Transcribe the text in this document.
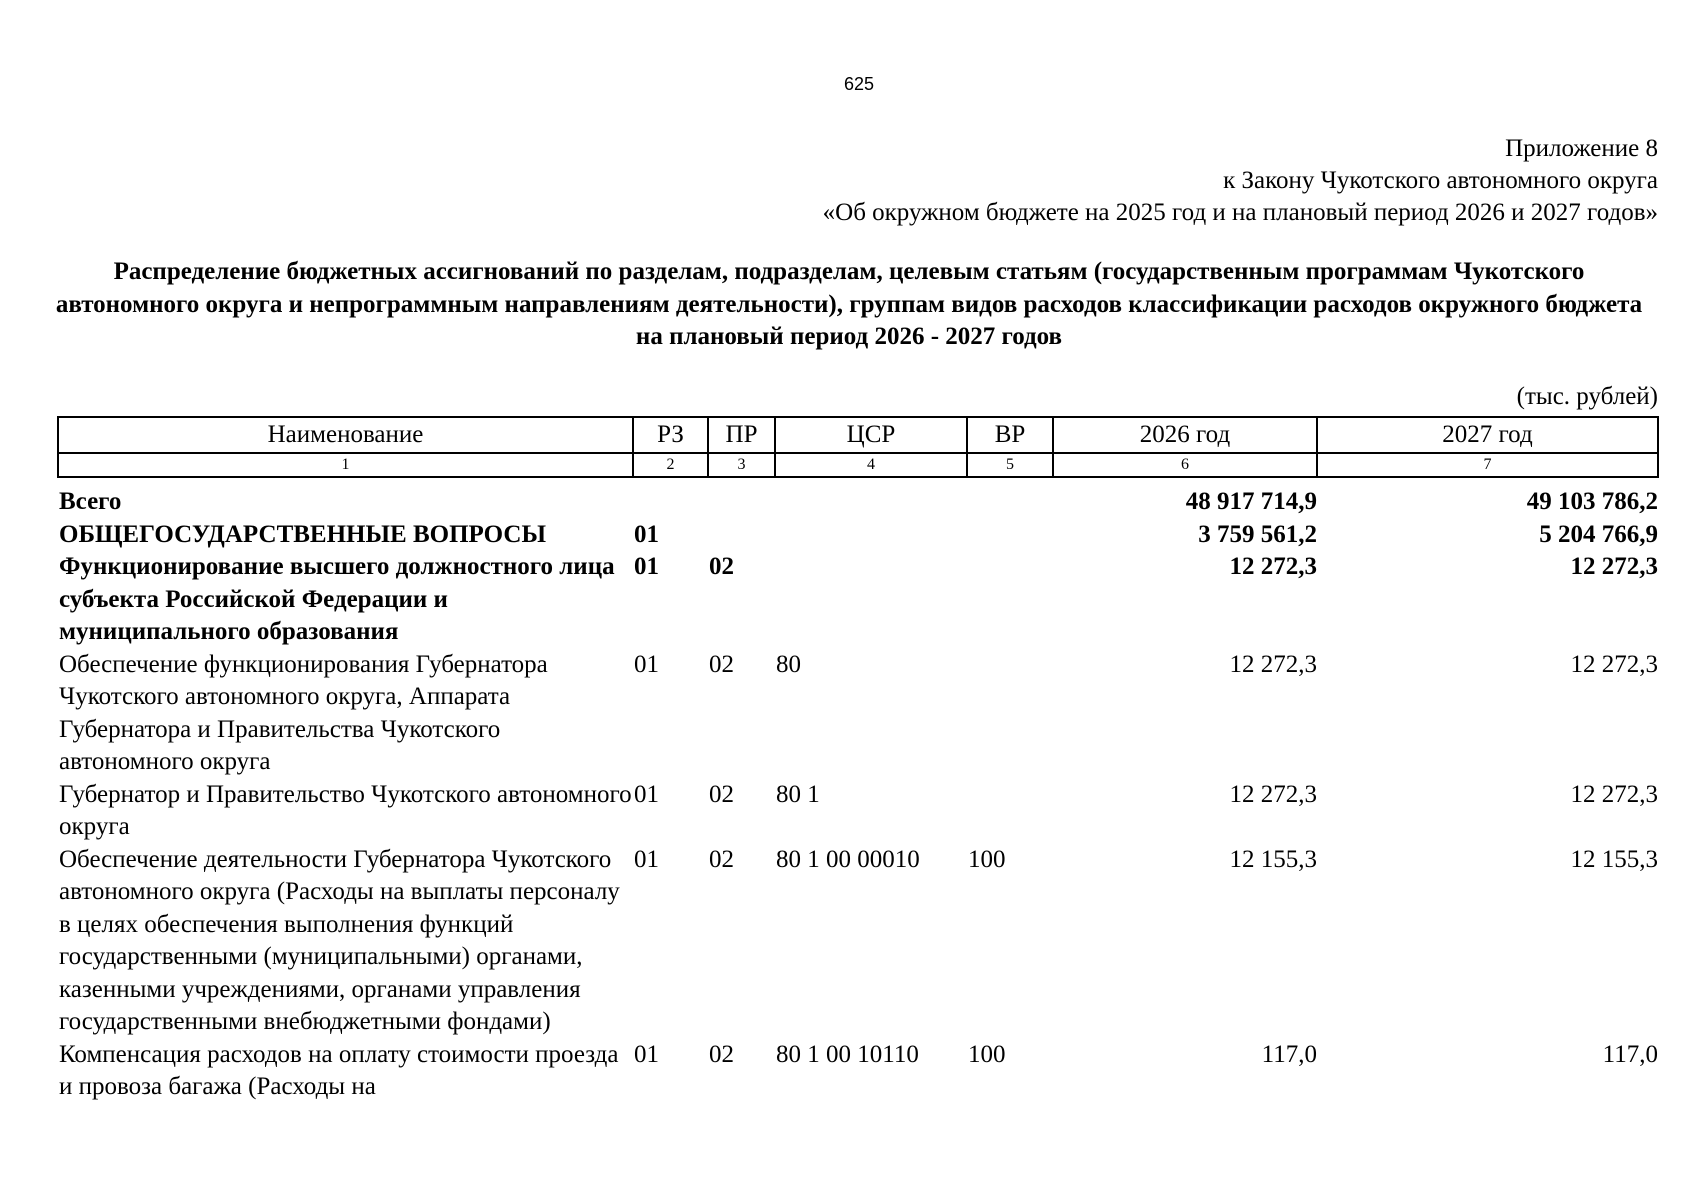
625
Приложение 8
к Закону Чукотского автономного округа
«Об окружном бюджете на 2025 год и на плановый период 2026 и 2027 годов»
Распределение бюджетных ассигнований по разделам, подразделам, целевым статьям (государственным программам Чукотского автономного округа и непрограммным направлениям деятельности), группам видов расходов классификации расходов окружного бюджета на плановый период 2026 - 2027 годов
(тыс. рублей)
Наименование	РЗ	ПР	ЦСР	ВР	2026 год	2027 год
1	2	3	4	5	6	7

Всего					48 917 714,9	49 103 786,2
ОБЩЕГОСУДАРСТВЕННЫЕ ВОПРОСЫ	01				3 759 561,2	5 204 766,9
Функционирование высшего должностного лица субъекта Российской Федерации и муниципального образования	01	02			12 272,3	12 272,3
Обеспечение функционирования Губернатора Чукотского автономного округа, Аппарата Губернатора и Правительства Чукотского автономного округа	01	02	80		12 272,3	12 272,3
Губернатор и Правительство Чукотского автономного округа	01	02	80 1		12 272,3	12 272,3
Обеспечение деятельности Губернатора Чукотского автономного округа (Расходы на выплаты персоналу в целях обеспечения выполнения функций государственными (муниципальными) органами, казенными учреждениями, органами управления государственными внебюджетными фондами)	01	02	80 1 00 00010	100	12 155,3	12 155,3
Компенсация расходов на оплату стоимости проезда и провоза багажа (Расходы на	01	02	80 1 00 10110	100	117,0	117,0
